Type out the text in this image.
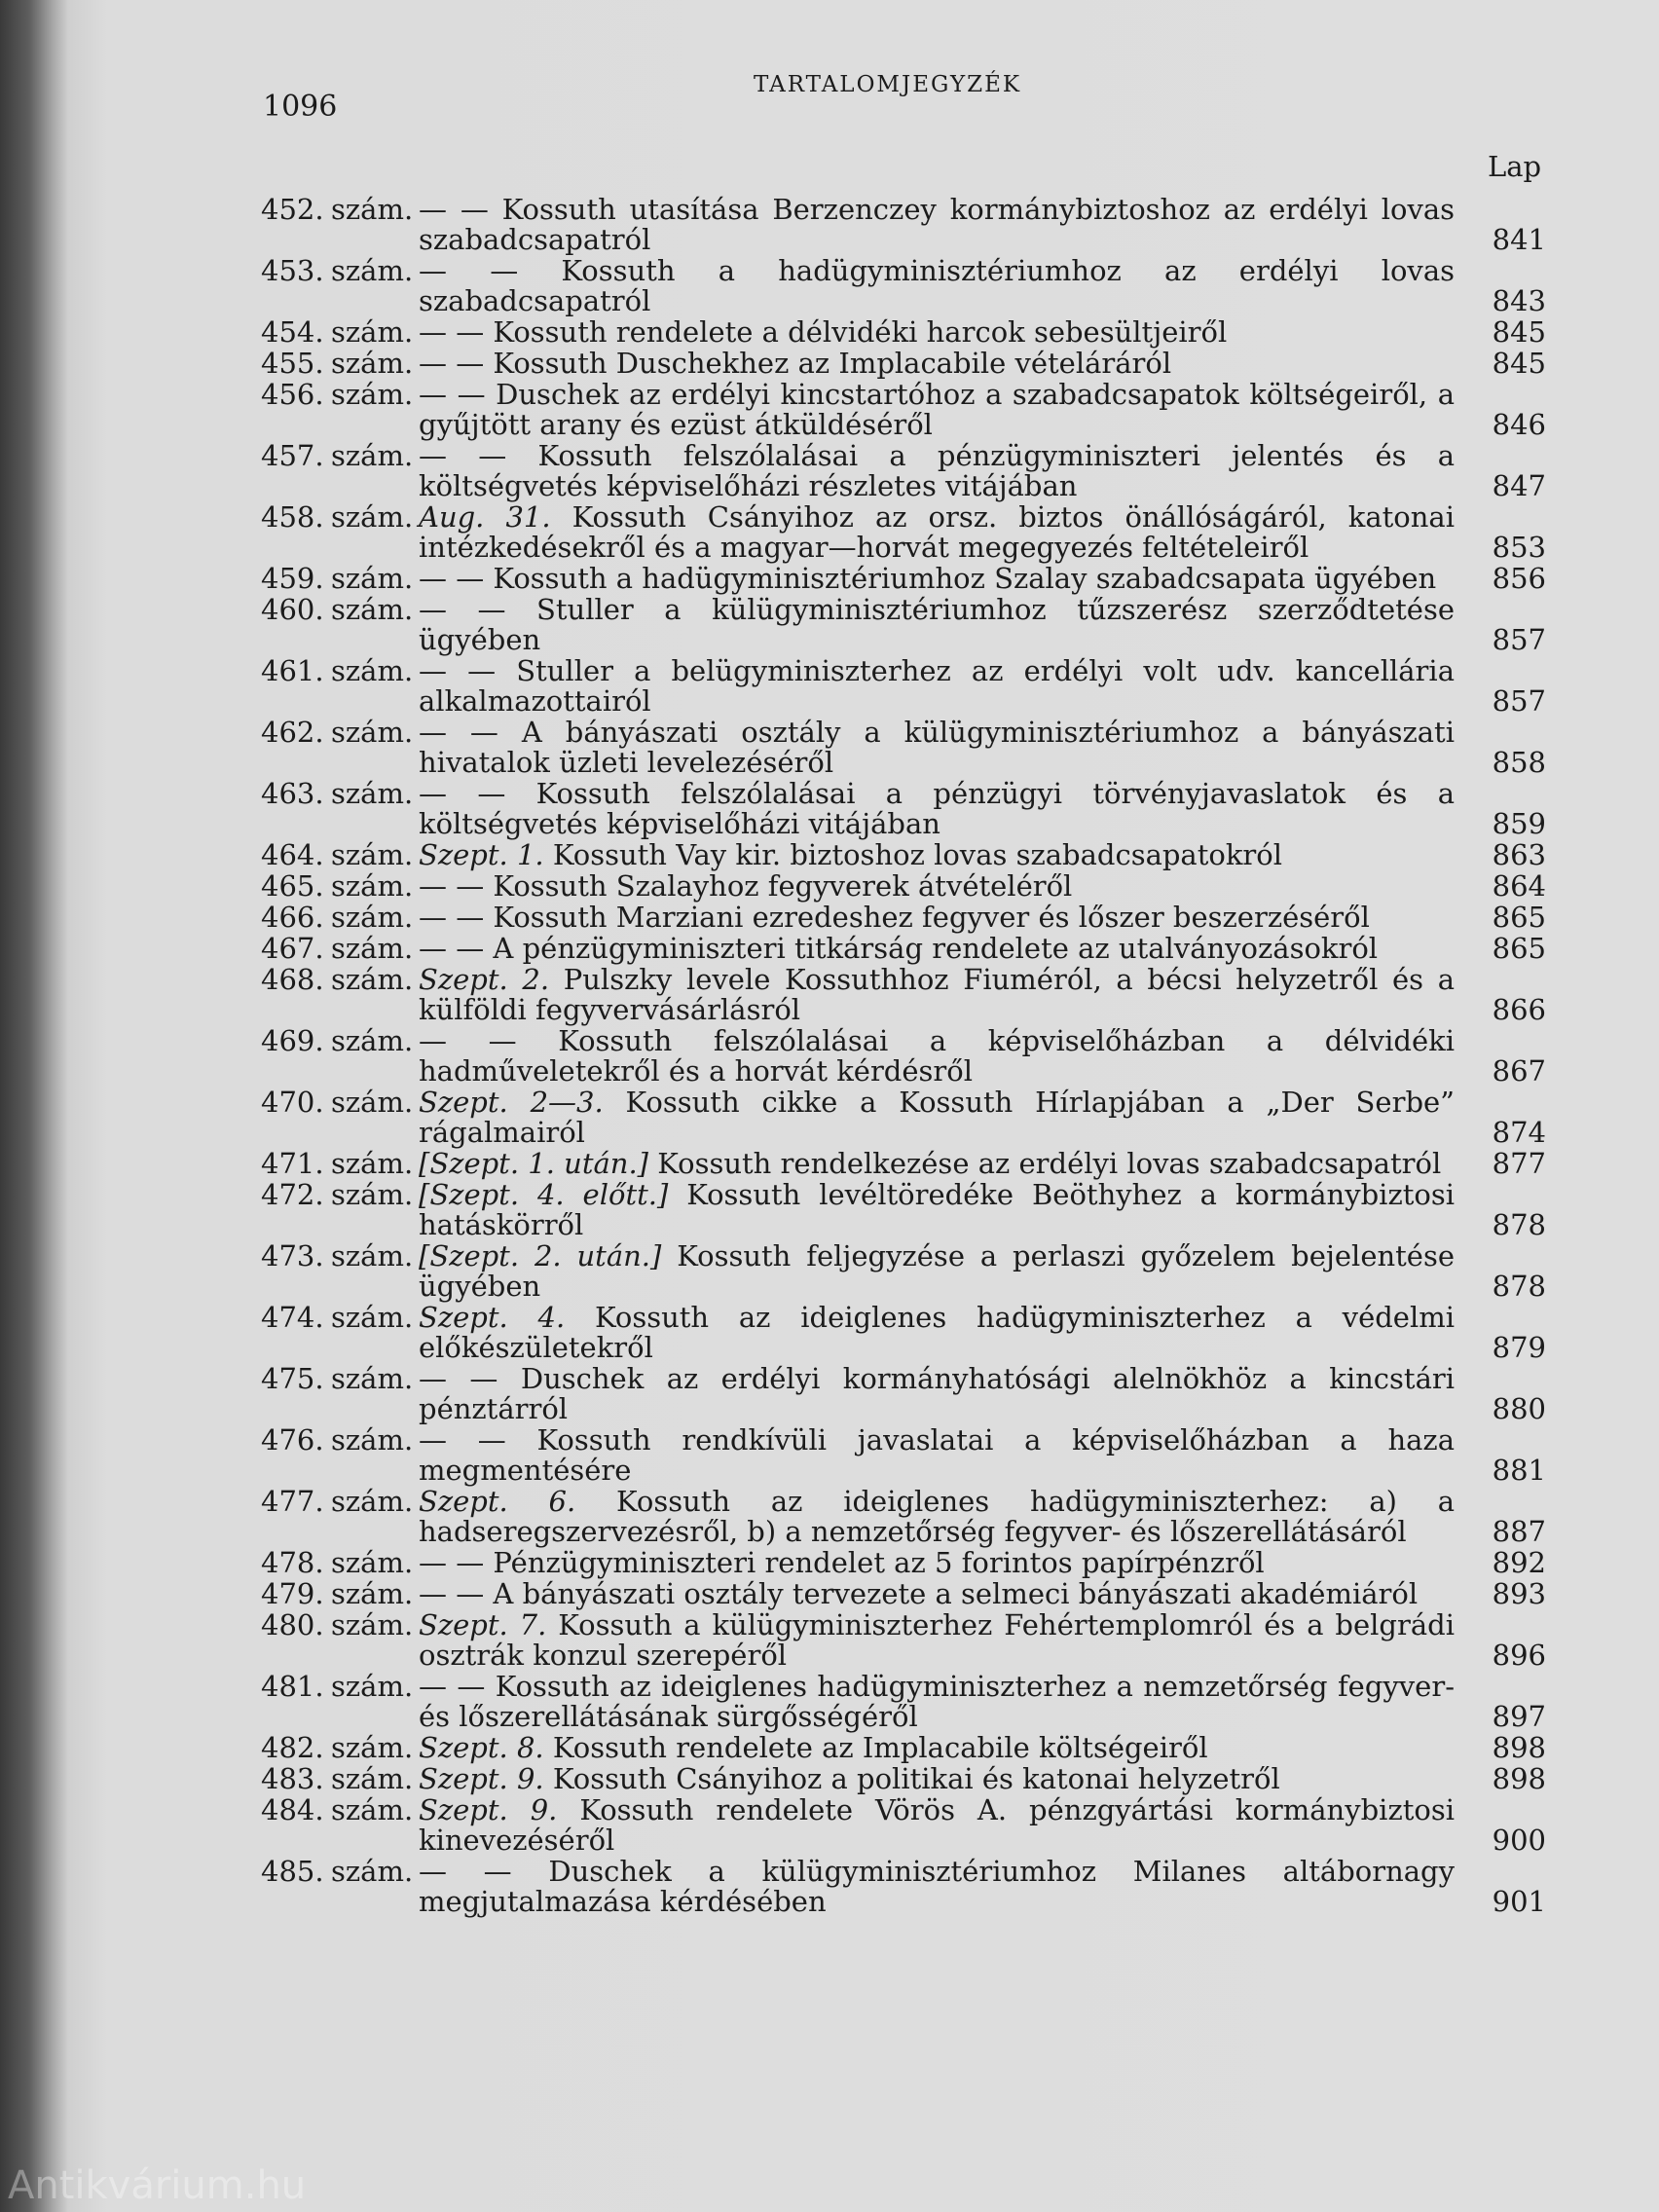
1096
TARTALOMJEGYZÉK
Lap
452. szám. — — Kossuth utasítása Berzenczey kormánybiztoshoz az erdélyi lovas szabadcsapatról	841
453. szám. — — Kossuth a hadügyminisztériumhoz az erdélyi lovas szabadcsapatról	843
454. szám. — — Kossuth rendelete a délvidéki harcok sebesültjeiről	845
455. szám. — — Kossuth Duschekhez az Implacabile vételáráról	845
456. szám. — — Duschek az erdélyi kincstartóhoz a szabadcsapatok költségeiről, a gyűjtött arany és ezüst átküldéséről	846
457. szám. — — Kossuth felszólalásai a pénzügyminiszteri jelentés és a költségvetés képviselőházi részletes vitájában	847
458. szám. Aug. 31. Kossuth Csányihoz az orsz. biztos önállóságáról, katonai intézkedésekről és a magyar—horvát megegyezés feltételeiről	853
459. szám. — — Kossuth a hadügyminisztériumhoz Szalay szabadcsapata ügyében	856
460. szám. — — Stuller a külügyminisztériumhoz tűzszerész szerződtetése ügyében	857
461. szám. — — Stuller a belügyminiszterhez az erdélyi volt udv. kancellária alkalmazottairól	857
462. szám. — — A bányászati osztály a külügyminisztériumhoz a bányászati hivatalok üzleti levelezéséről	858
463. szám. — — Kossuth felszólalásai a pénzügyi törvényjavaslatok és a költségvetés képviselőházi vitájában	859
464. szám. Szept. 1. Kossuth Vay kir. biztoshoz lovas szabadcsapatokról	863
465. szám. — — Kossuth Szalayhoz fegyverek átvételéről	864
466. szám. — — Kossuth Marziani ezredeshez fegyver és lőszer beszerzéséről	865
467. szám. — — A pénzügyminiszteri titkárság rendelete az utalványozásokról	865
468. szám. Szept. 2. Pulszky levele Kossuthhoz Fiuméról, a bécsi helyzetről és a külföldi fegyvervásárlásról	866
469. szám. — — Kossuth felszólalásai a képviselőházban a délvidéki hadműveletekről és a horvát kérdésről	867
470. szám. Szept. 2—3. Kossuth cikke a Kossuth Hírlapjában a „Der Serbe” rágalmairól	874
471. szám. [Szept. 1. után.] Kossuth rendelkezése az erdélyi lovas szabadcsapatról	877
472. szám. [Szept. 4. előtt.] Kossuth levéltöredéke Beöthyhez a kormánybiztosi hatáskörről	878
473. szám. [Szept. 2. után.] Kossuth feljegyzése a perlaszi győzelem bejelentése ügyében	878
474. szám. Szept. 4. Kossuth az ideiglenes hadügyminiszterhez a védelmi előkészületekről	879
475. szám. — — Duschek az erdélyi kormányhatósági alelnökhöz a kincstári pénztárról	880
476. szám. — — Kossuth rendkívüli javaslatai a képviselőházban a haza megmentésére	881
477. szám. Szept. 6. Kossuth az ideiglenes hadügyminiszterhez: a) a hadseregszervezésről, b) a nemzetőrség fegyver- és lőszerellátásáról	887
478. szám. — — Pénzügyminiszteri rendelet az 5 forintos papírpénzről	892
479. szám. — — A bányászati osztály tervezete a selmeci bányászati akadémiáról	893
480. szám. Szept. 7. Kossuth a külügyminiszterhez Fehértemplomról és a belgrádi osztrák konzul szerepéről	896
481. szám. — — Kossuth az ideiglenes hadügyminiszterhez a nemzetőrség fegyver- és lőszerellátásának sürgősségéről	897
482. szám. Szept. 8. Kossuth rendelete az Implacabile költségeiről	898
483. szám. Szept. 9. Kossuth Csányihoz a politikai és katonai helyzetről	898
484. szám. Szept. 9. Kossuth rendelete Vörös A. pénzgyártási kormánybiztosi kinevezéséről	900
485. szám. — — Duschek a külügyminisztériumhoz Milanes altábornagy megjutalmazása kérdésében	901
Antikvárium.hu
